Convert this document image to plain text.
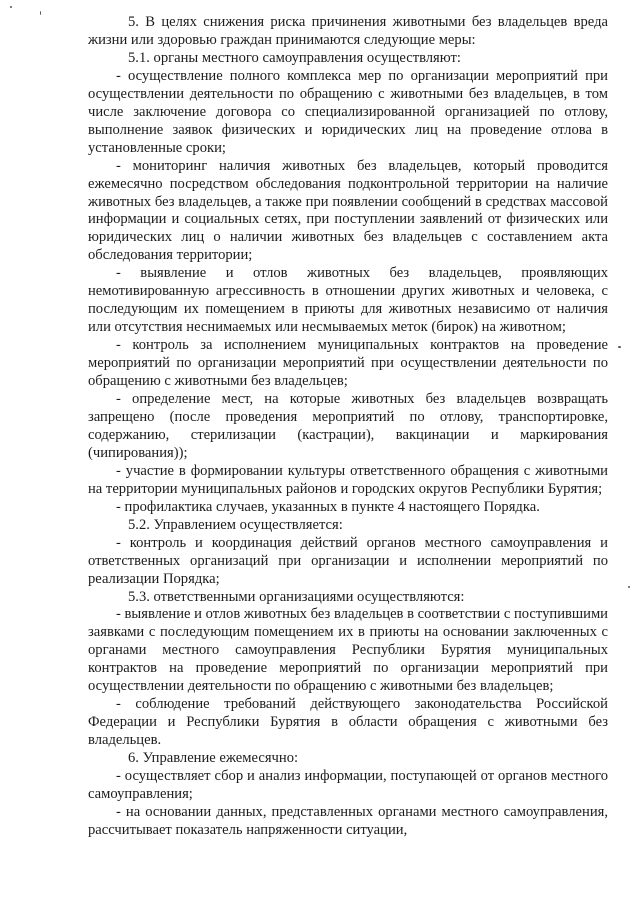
5. В целях снижения риска причинения животными без владельцев вреда жизни или здоровью граждан принимаются следующие меры:

5.1. органы местного самоуправления осуществляют:

- осуществление полного комплекса мер по организации мероприятий при осуществлении деятельности по обращению с животными без владельцев, в том числе заключение договора со специализированной организацией по отлову, выполнение заявок физических и юридических лиц на проведение отлова в установленные сроки;

- мониторинг наличия животных без владельцев, который проводится ежемесячно посредством обследования подконтрольной территории на наличие животных без владельцев, а также при появлении сообщений в средствах массовой информации и социальных сетях, при поступлении заявлений от физических или юридических лиц о наличии животных без владельцев с составлением акта обследования территории;

- выявление и отлов животных без владельцев, проявляющих немотивированную агрессивность в отношении других животных и человека, с последующим их помещением в приюты для животных независимо от наличия или отсутствия неснимаемых или несмываемых меток (бирок) на животном;

- контроль за исполнением муниципальных контрактов на проведение мероприятий по организации мероприятий при осуществлении деятельности по обращению с животными без владельцев;

- определение мест, на которые животных без владельцев возвращать запрещено (после проведения мероприятий по отлову, транспортировке, содержанию, стерилизации (кастрации), вакцинации и маркирования (чипирования));

- участие в формировании культуры ответственного обращения с животными на территории муниципальных районов и городских округов Республики Бурятия;

- профилактика случаев, указанных в пункте 4 настоящего Порядка.

5.2. Управлением осуществляется:

- контроль и координация действий органов местного самоуправления и ответственных организаций при организации и исполнении мероприятий по реализации Порядка;

5.3. ответственными организациями осуществляются:

- выявление и отлов животных без владельцев в соответствии с поступившими заявками с последующим помещением их в приюты на основании заключенных с органами местного самоуправления Республики Бурятия муниципальных контрактов на проведение мероприятий по организации мероприятий при осуществлении деятельности по обращению с животными без владельцев;

- соблюдение требований действующего законодательства Российской Федерации и Республики Бурятия в области обращения с животными без владельцев.

6. Управление ежемесячно:

- осуществляет сбор и анализ информации, поступающей от органов местного самоуправления;

- на основании данных, представленных органами местного самоуправления, рассчитывает показатель напряженности ситуации,
